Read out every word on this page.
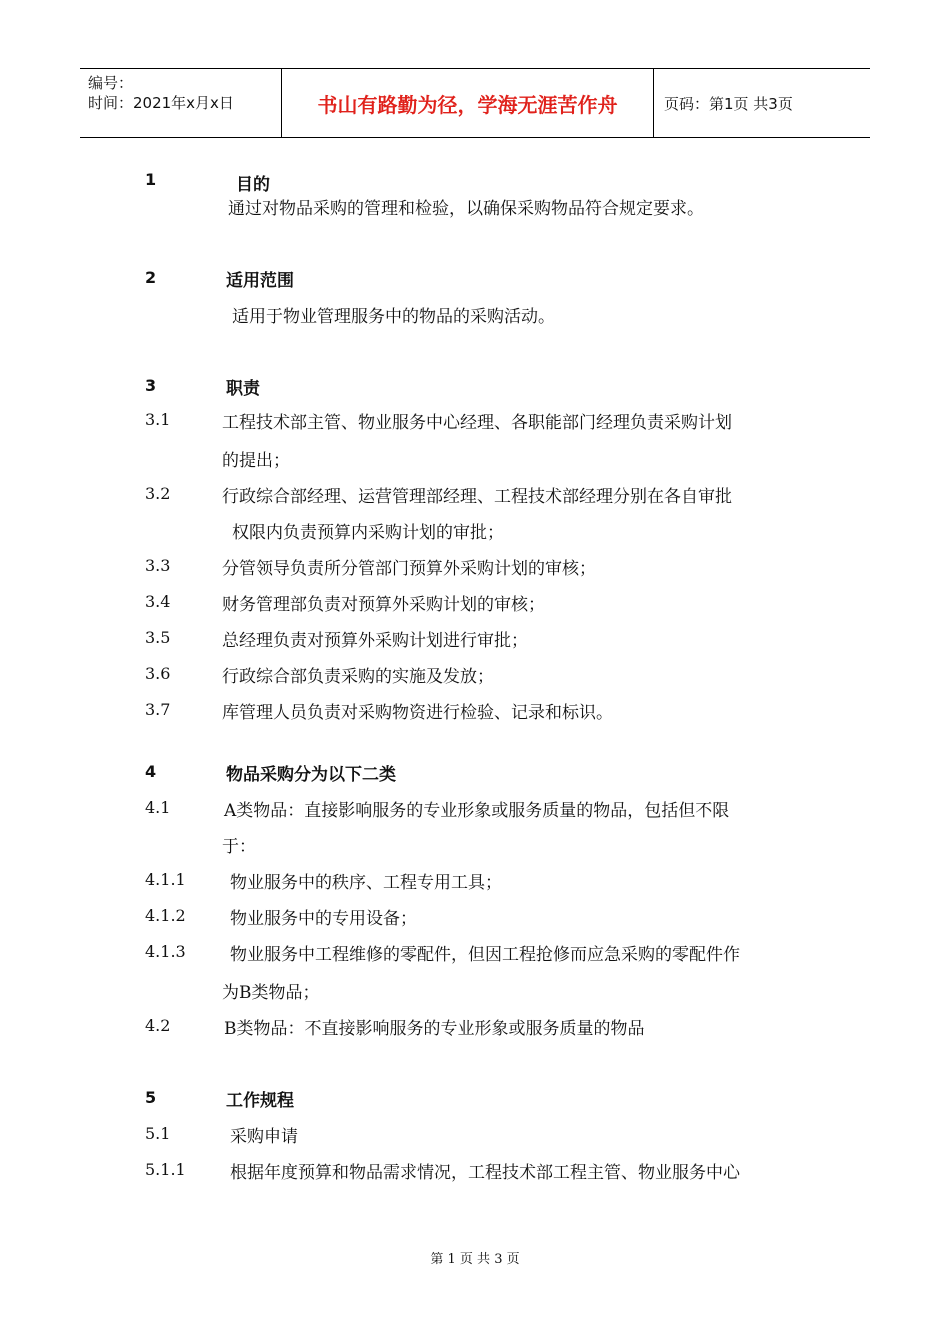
编号：
时间：2021年x月x日	书山有路勤为径，学海无涯苦作舟	页码：第1页 共3页
1	目的
通过对物品采购的管理和检验，以确保采购物品符合规定要求。
2	适用范围
适用于物业管理服务中的物品的采购活动。
3	职责
3.1	工程技术部主管、物业服务中心经理、各职能部门经理负责采购计划
的提出；
3.2	行政综合部经理、运营管理部经理、工程技术部经理分别在各自审批
权限内负责预算内采购计划的审批；
3.3	分管领导负责所分管部门预算外采购计划的审核；
3.4	财务管理部负责对预算外采购计划的审核；
3.5	总经理负责对预算外采购计划进行审批；
3.6	行政综合部负责采购的实施及发放；
3.7	库管理人员负责对采购物资进行检验、记录和标识。
4	物品采购分为以下二类
4.1	A类物品：直接影响服务的专业形象或服务质量的物品，包括但不限
于：
4.1.1	物业服务中的秩序、工程专用工具；
4.1.2	物业服务中的专用设备；
4.1.3	物业服务中工程维修的零配件，但因工程抢修而应急采购的零配件作
为B类物品；
4.2	B类物品：不直接影响服务的专业形象或服务质量的物品
5	工作规程
5.1	采购申请
5.1.1	根据年度预算和物品需求情况，工程技术部工程主管、物业服务中心
第 1 页 共 3 页
